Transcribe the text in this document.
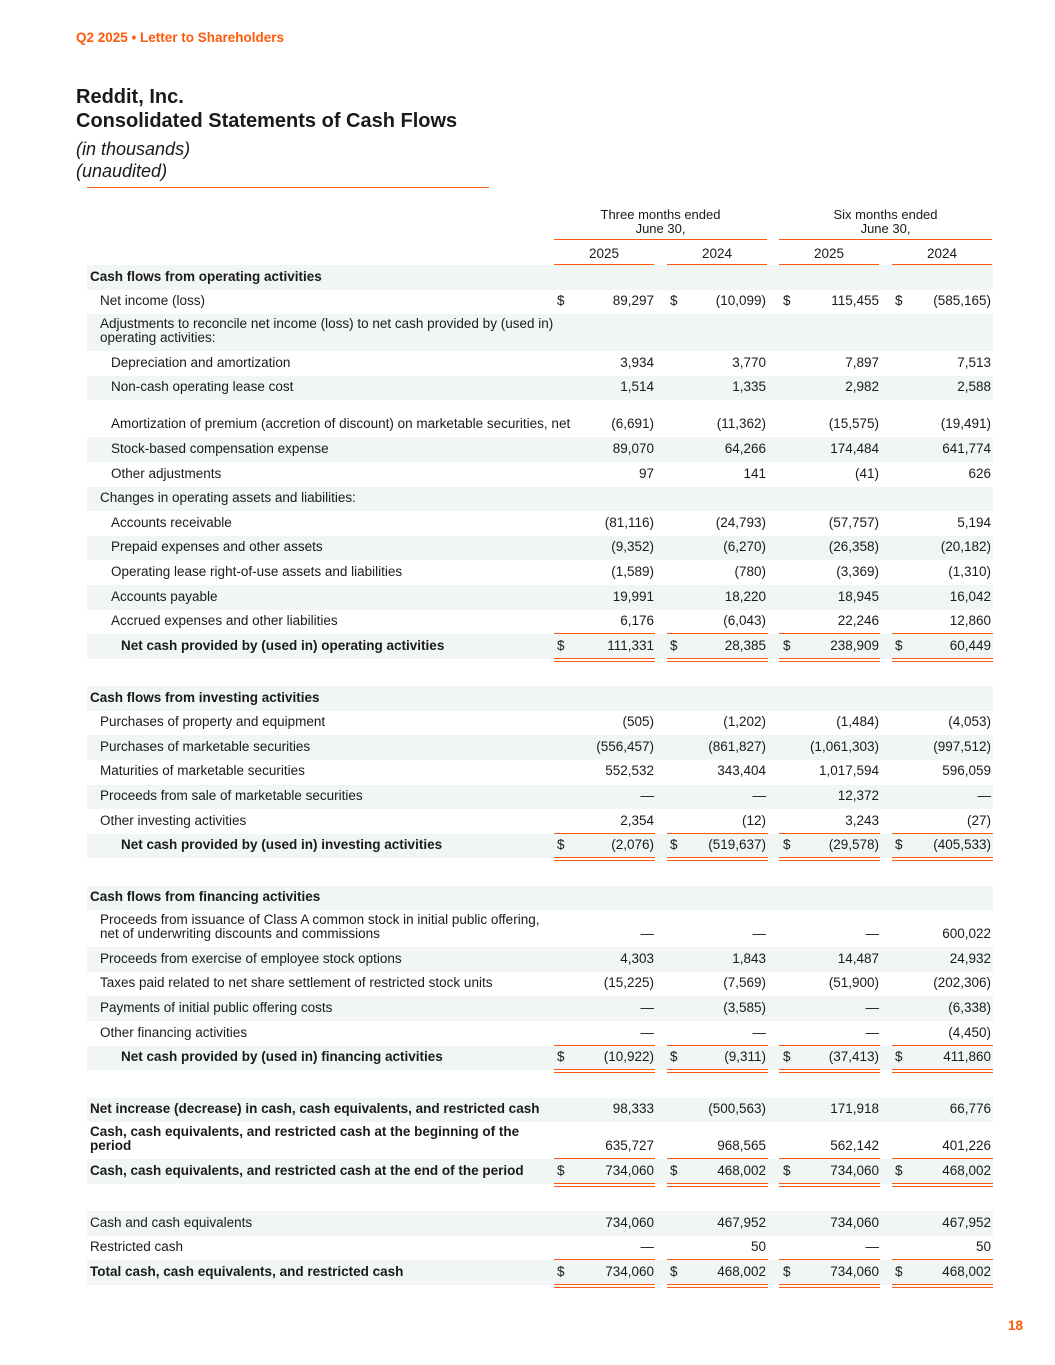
Q2 2025 • Letter to Shareholders
Reddit, Inc.
Consolidated Statements of Cash Flows
(in thousands)
(unaudited)
Three months ended
June 30,
Six months ended
June 30,
2025	2024	2025	2024
Cash flows from operating activities
Net income (loss)	$	89,297 $	(10,099) $	115,455 $ (585,165)
Adjustments to reconcile net income (loss) to net cash provided by (used in) operating activities:
Depreciation and amortization	3,934	3,770	7,897	7,513
Non-cash operating lease cost	1,514	1,335	2,982	2,588
Amortization of premium (accretion of discount) on marketable securities, net	(6,691)	(11,362)	(15,575)	(19,491)
Stock-based compensation expense	89,070	64,266	174,484	641,774
Other adjustments	97	141	(41)	626
Changes in operating assets and liabilities:
Accounts receivable	(81,116)	(24,793)	(57,757)	5,194
Prepaid expenses and other assets	(9,352)	(6,270)	(26,358)	(20,182)
Operating lease right-of-use assets and liabilities	(1,589)	(780)	(3,369)	(1,310)
Accounts payable	19,991	18,220	18,945	16,042
Accrued expenses and other liabilities	6,176	(6,043)	22,246	12,860
Net cash provided by (used in) operating activities	$	111,331 $	28,385 $	238,909 $	60,449
Cash flows from investing activities
Purchases of property and equipment	(505)	(1,202)	(1,484)	(4,053)
Purchases of marketable securities	(556,457)	(861,827)	(1,061,303)	(997,512)
Maturities of marketable securities	552,532	343,404	1,017,594	596,059
Proceeds from sale of marketable securities	—	—	12,372	—
Other investing activities	2,354	(12)	3,243	(27)
Net cash provided by (used in) investing activities	$	(2,076) $ (519,637) $	(29,578) $ (405,533)
Cash flows from financing activities
Proceeds from issuance of Class A common stock in initial public offering, net of underwriting discounts and commissions	—	—	—	600,022
Proceeds from exercise of employee stock options	4,303	1,843	14,487	24,932
Taxes paid related to net share settlement of restricted stock units	(15,225)	(7,569)	(51,900)	(202,306)
Payments of initial public offering costs	—	(3,585)	—	(6,338)
Other financing activities	—	—	—	(4,450)
Net cash provided by (used in) financing activities	$	(10,922) $	(9,311) $	(37,413) $	411,860
Net increase (decrease) in cash, cash equivalents, and restricted cash	98,333	(500,563)	171,918	66,776
Cash, cash equivalents, and restricted cash at the beginning of the period	635,727	968,565	562,142	401,226
Cash, cash equivalents, and restricted cash at the end of the period	$	734,060 $	468,002 $	734,060 $	468,002
Cash and cash equivalents	734,060	467,952	734,060	467,952
Restricted cash	—	50	—	50
Total cash, cash equivalents, and restricted cash	$	734,060 $	468,002 $	734,060 $	468,002
18
